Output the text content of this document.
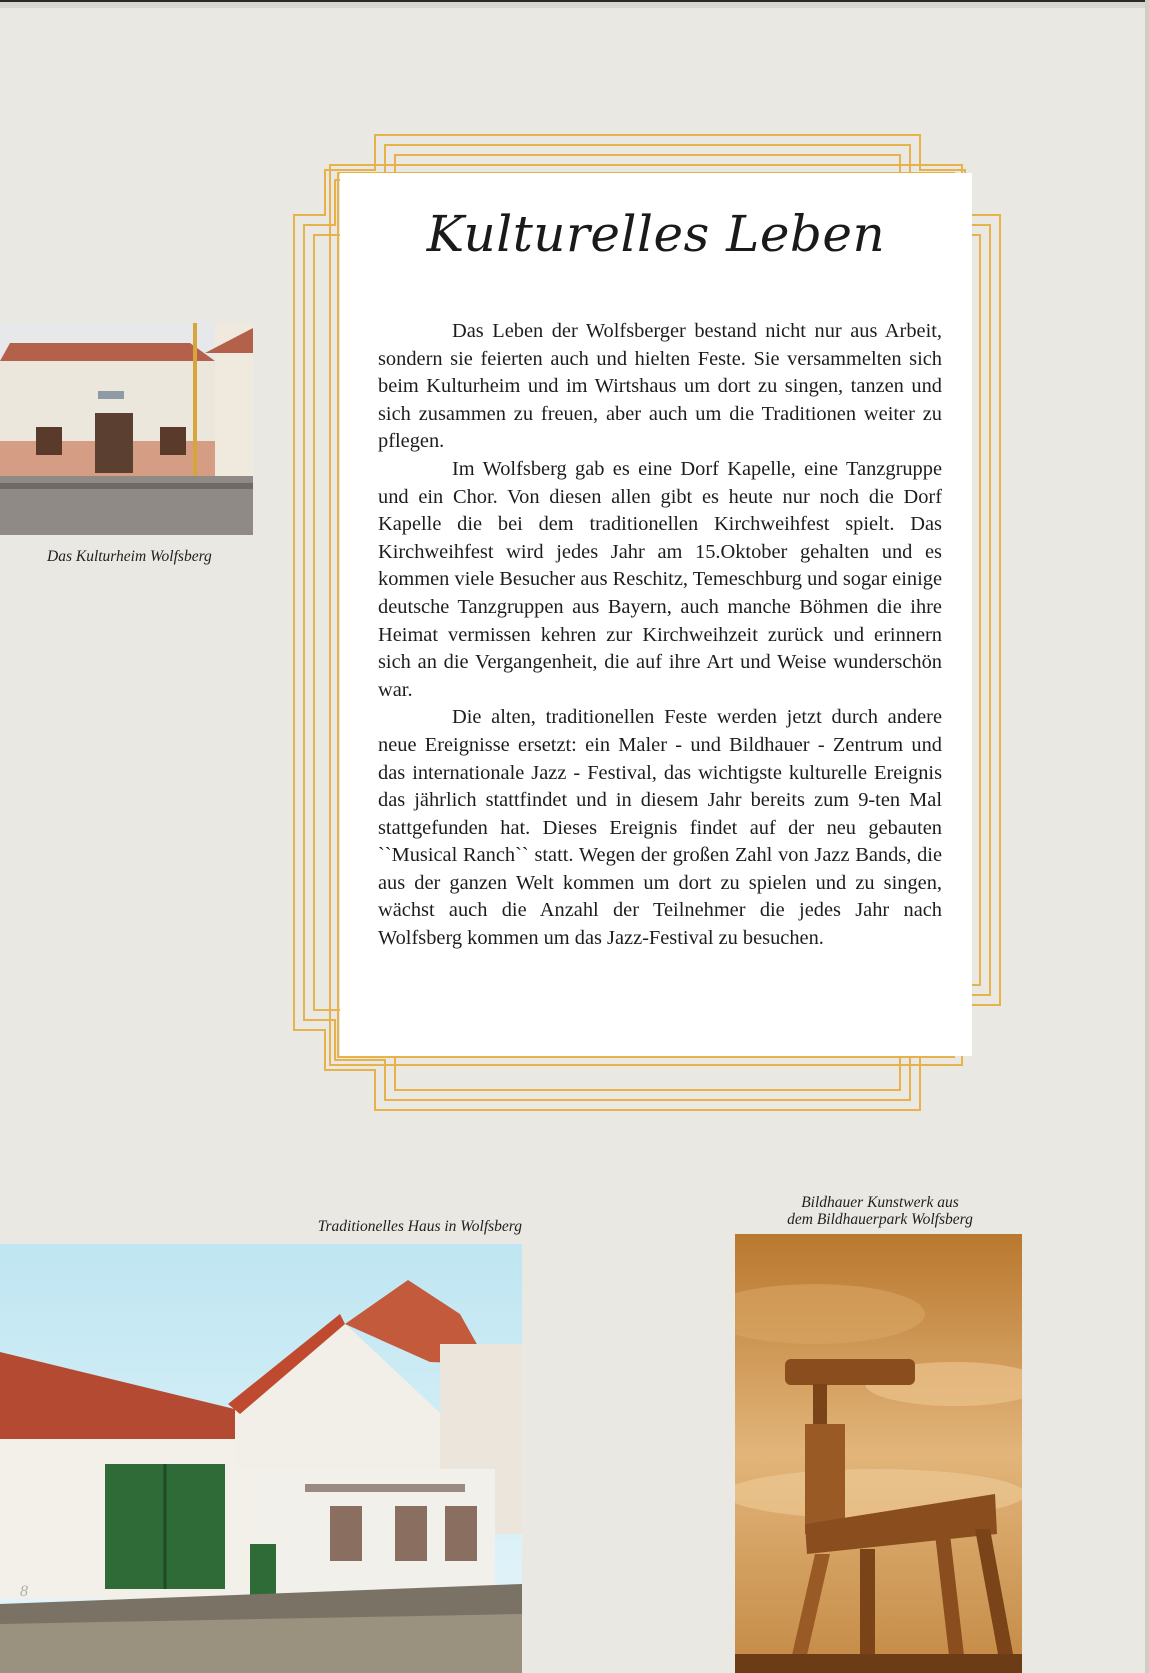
Kulturelles Leben

Das Leben der Wolfsberger bestand nicht nur aus Arbeit, sondern sie feierten auch und hielten Feste. Sie versammelten sich beim Kulturheim und im Wirtshaus um dort zu singen, tanzen und sich zusammen zu freuen, aber auch um die Traditionen weiter zu pflegen.

Im Wolfsberg gab es eine Dorf Kapelle, eine Tanzgruppe und ein Chor. Von diesen allen gibt es heute nur noch die Dorf Kapelle die bei dem traditionellen Kirchweihfest spielt. Das Kirchweihfest wird jedes Jahr am 15.Oktober gehalten und es kommen viele Besucher aus Reschitz, Temeschburg und sogar einige deutsche Tanzgruppen aus Bayern, auch manche Böhmen die ihre Heimat vermissen kehren zur Kirchweihzeit zurück und erinnern sich an die Vergangenheit, die auf ihre Art und Weise wunderschön war.

Die alten, traditionellen Feste werden jetzt durch andere neue Ereignisse ersetzt: ein Maler - und Bildhauer - Zentrum und das internationale Jazz - Festival, das wichtigste kulturelle Ereignis das jährlich stattfindet und in diesem Jahr bereits zum 9-ten Mal stattgefunden hat. Dieses Ereignis findet auf der neu gebauten ``Musical Ranch`` statt. Wegen der großen Zahl von Jazz Bands, die aus der ganzen Welt kommen um dort zu spielen und zu singen, wächst auch die Anzahl der Teilnehmer die jedes Jahr nach Wolfsberg kommen um das Jazz-Festival zu besuchen.

Das Kulturheim Wolfsberg

Traditionelles Haus in Wolfsberg

Bildhauer Kunstwerk aus
dem Bildhauerpark Wolfsberg

8
